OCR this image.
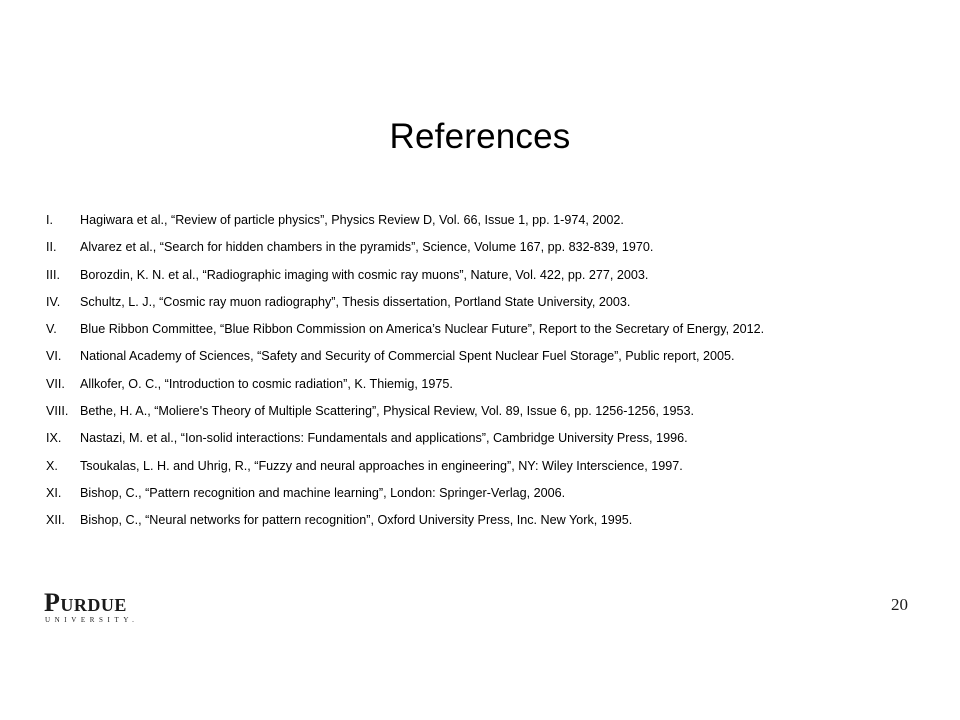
References
I.	Hagiwara et al., “Review of particle physics”, Physics Review D, Vol. 66, Issue 1, pp. 1-974, 2002.
II.	Alvarez et al., “Search for hidden chambers in the pyramids”, Science, Volume 167, pp. 832-839, 1970.
III.	Borozdin, K. N. et al., “Radiographic imaging with cosmic ray muons”, Nature, Vol. 422, pp. 277, 2003.
IV.	Schultz, L. J., “Cosmic ray muon radiography”, Thesis dissertation, Portland State University, 2003.
V.	Blue Ribbon Committee, “Blue Ribbon Commission on America’s Nuclear Future”, Report to the Secretary of Energy, 2012.
VI.	National Academy of Sciences, “Safety and Security of Commercial Spent Nuclear Fuel Storage”, Public report, 2005.
VII.	Allkofer, O. C., “Introduction to cosmic radiation”, K. Thiemig, 1975.
VIII. Bethe, H. A., “Moliere's Theory of Multiple Scattering”, Physical Review, Vol. 89, Issue 6, pp. 1256-1256, 1953.
IX.	Nastazi, M. et al., “Ion-solid interactions: Fundamentals and applications”, Cambridge University Press, 1996.
X.	Tsoukalas, L. H. and Uhrig, R., “Fuzzy and neural approaches in engineering”, NY: Wiley Interscience, 1997.
XI.	Bishop, C., “Pattern recognition and machine learning”, London: Springer-Verlag, 2006.
XII.	Bishop, C., “Neural networks for pattern recognition”, Oxford University Press, Inc. New York, 1995.
Purdue
UNIVERSITY.
20
